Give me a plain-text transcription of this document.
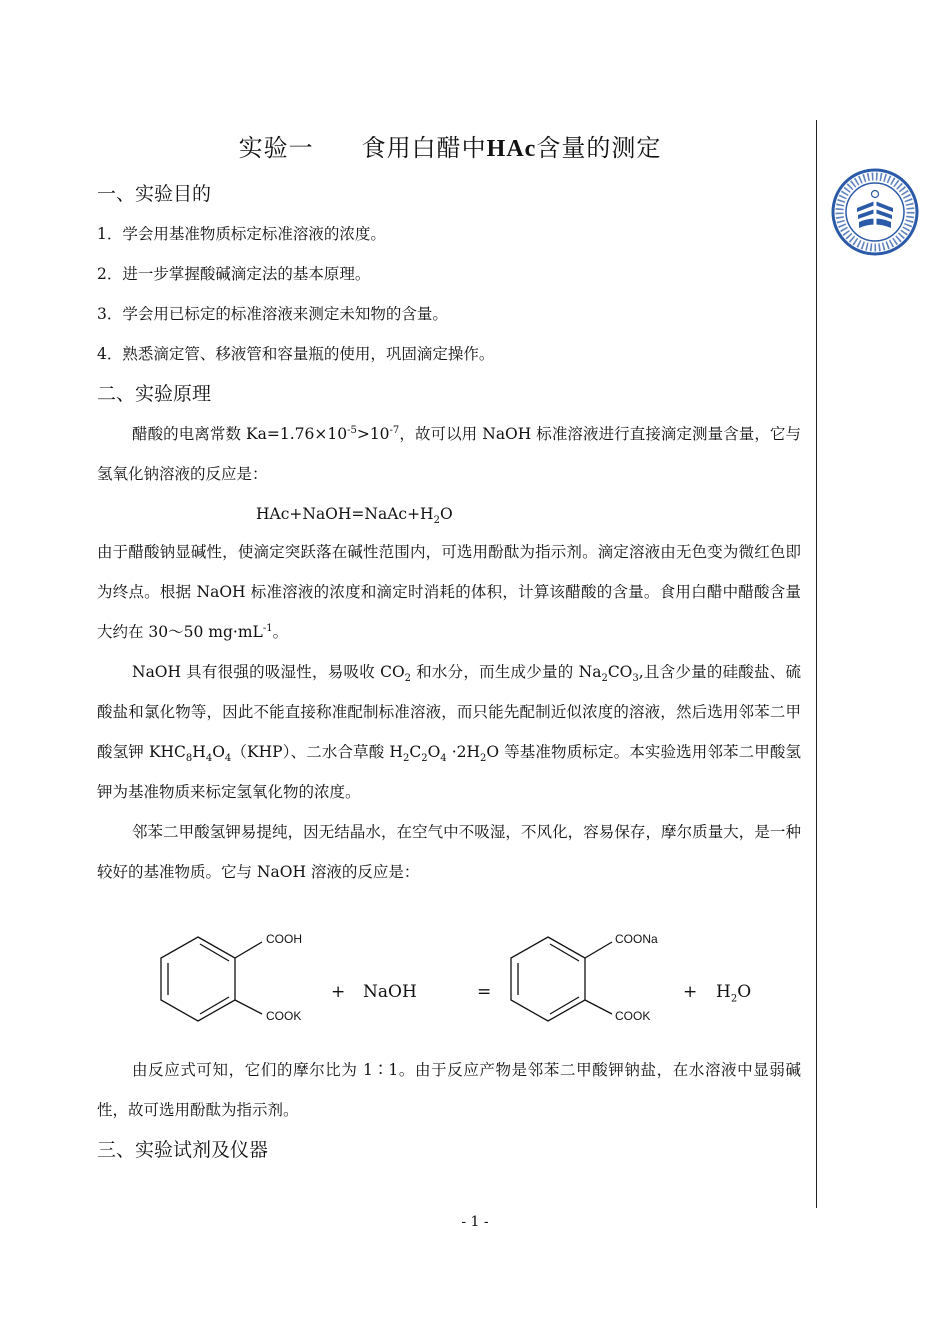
实验一 食用白醋中HAc含量的测定
一、实验目的
1．学会用基准物质标定标准溶液的浓度。
2．进一步掌握酸碱滴定法的基本原理。
3．学会用已标定的标准溶液来测定未知物的含量。
4．熟悉滴定管、移液管和容量瓶的使用，巩固滴定操作。
二、实验原理
醋酸的电离常数 $Ka=1.76\times 10^{-5}>10^{-7}$，故可以用 NaOH 标准溶液进行直接滴定测量含量，它与氢氧化钠溶液的反应是：
$HAc+NaOH=NaAc+H_2O$
由于醋酸钠显碱性，使滴定突跃落在碱性范围内，可选用酚酞为指示剂。滴定溶液由无色变为微红色即为终点。根据 NaOH 标准溶液的浓度和滴定时消耗的体积，计算该醋酸的含量。食用白醋中醋酸含量大约在 30～50 $mg\cdot mL^{-1}$。
NaOH 具有很强的吸湿性，易吸收 $CO_2$ 和水分，而生成少量的 $Na_2CO_3$,且含少量的硅酸盐、硫酸盐和氯化物等，因此不能直接称准配制标准溶液，而只能先配制近似浓度的溶液，然后选用邻苯二甲酸氢钾 $KHC_8H_4O_4(KHP)$、二水合草酸 $H_2C_2O_4 \cdot 2H_2O$ 等基准物质标定。本实验选用邻苯二甲酸氢钾为基准物质来标定氢氧化物的浓度。
邻苯二甲酸氢钾易提纯，因无结晶水，在空气中不吸湿，不风化，容易保存，摩尔质量大，是一种较好的基准物质。它与 NaOH 溶液的反应是：
COOH
COOK
+ NaOH	=
COONa
COOK
+ $H_2O$
由反应式可知，它们的摩尔比为 1∶1。由于反应产物是邻苯二甲酸钾钠盐，在水溶液中显弱碱性，故可选用酚酞为指示剂。
三、实验试剂及仪器
- 1 -
